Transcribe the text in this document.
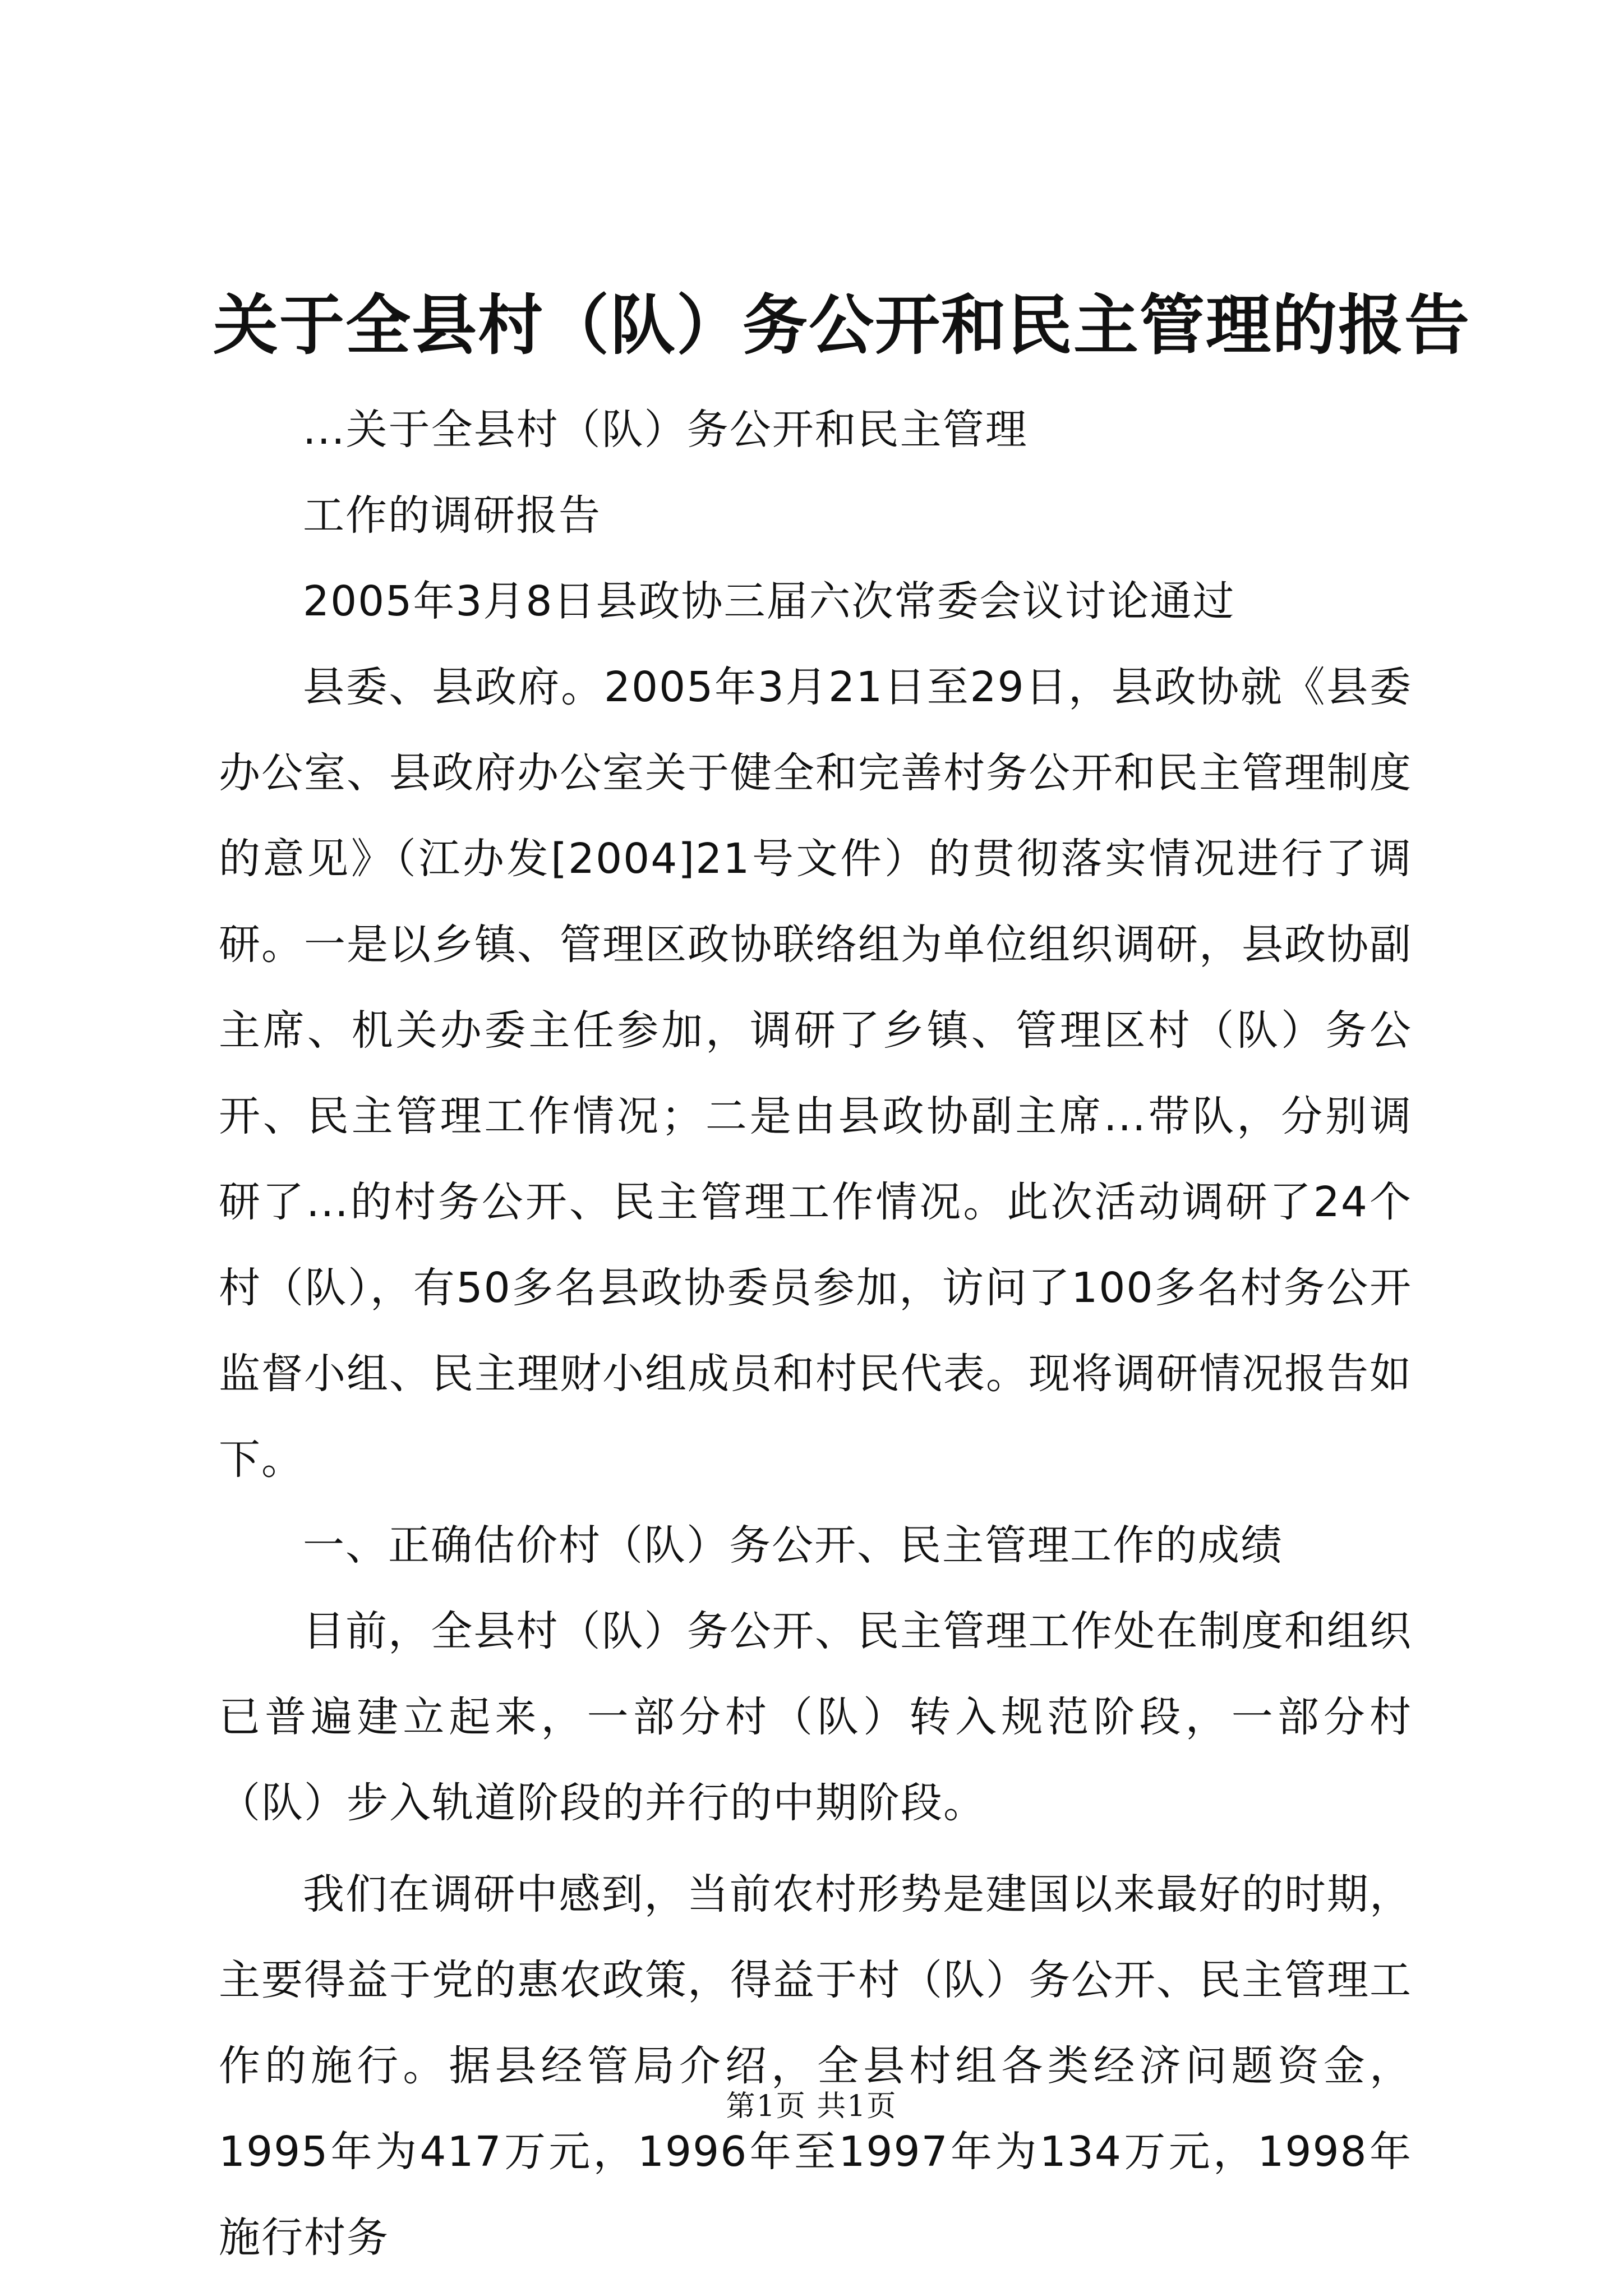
关于全县村（队）务公开和民主管理的报告

...关于全县村（队）务公开和民主管理

工作的调研报告

2005年3月8日县政协三届六次常委会议讨论通过

县委、县政府。2005年3月21日至29日，县政协就《县委办公室、县政府办公室关于健全和完善村务公开和民主管理制度的意见》（江办发[2004]21号文件）的贯彻落实情况进行了调研。一是以乡镇、管理区政协联络组为单位组织调研，县政协副主席、机关办委主任参加，调研了乡镇、管理区村（队）务公开、民主管理工作情况；二是由县政协副主席...带队，分别调研了...的村务公开、民主管理工作情况。此次活动调研了24个村（队），有50多名县政协委员参加，访问了100多名村务公开监督小组、民主理财小组成员和村民代表。现将调研情况报告如下。

一、正确估价村（队）务公开、民主管理工作的成绩

目前，全县村（队）务公开、民主管理工作处在制度和组织已普遍建立起来，一部分村（队）转入规范阶段，一部分村（队）步入轨道阶段的并行的中期阶段。

我们在调研中感到，当前农村形势是建国以来最好的时期，主要得益于党的惠农政策，得益于村（队）务公开、民主管理工作的施行。据县经管局介绍，全县村组各类经济问题资金，1995年为417万元，1996年至1997年为134万元，1998年施行村务

第1页 共1页
